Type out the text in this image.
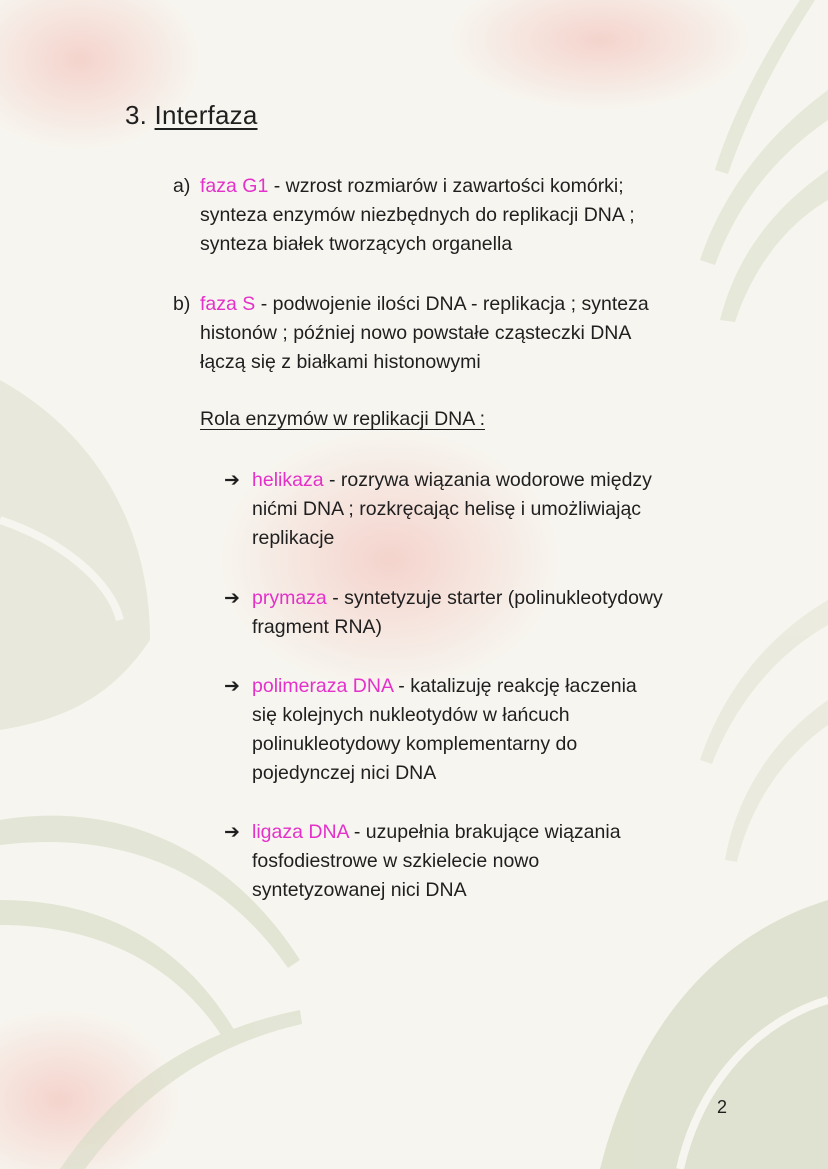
3. Interfaza
a) faza G1 - wzrost rozmiarów i zawartości komórki;
synteza enzymów niezbędnych do replikacji DNA ;
synteza białek tworzących organella
b) faza S - podwojenie ilości DNA - replikacja ; synteza
histonów ; później nowo powstałe cząsteczki DNA
łączą się z białkami histonowymi
Rola enzymów w replikacji DNA :
➔ helikaza - rozrywa wiązania wodorowe między
nićmi DNA ; rozkręcając helisę i umożliwiając
replikacje
➔ prymaza - syntetyzuje starter (polinukleotydowy
fragment RNA)
➔ polimeraza DNA - katalizuję reakcję łaczenia
się kolejnych nukleotydów w łańcuch
polinukleotydowy komplementarny do
pojedynczej nici DNA
➔ ligaza DNA - uzupełnia brakujące wiązania
fosfodiestrowe w szkielecie nowo
syntetyzowanej nici DNA
2
